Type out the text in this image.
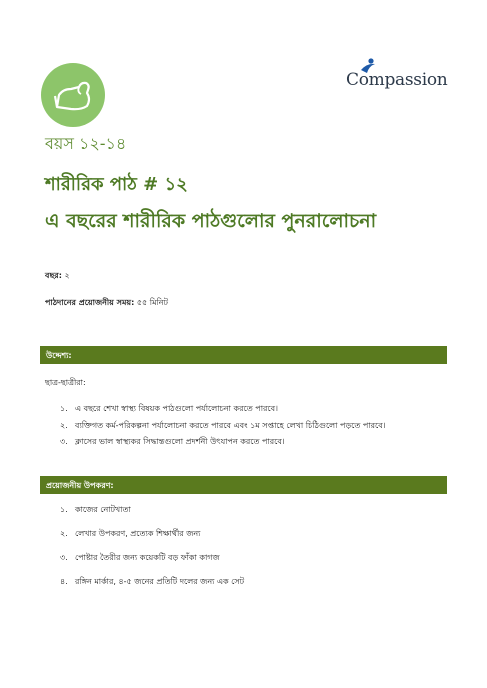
Compassion
বয়স ১২-১৪
শারীরিক পাঠ # ১২
এ বছরের শারীরিক পাঠগুলোর পুনরালোচনা
বছর: ২
পাঠদানের প্রয়োজনীয় সময়: ৫৫ মিনিট
উদ্দেশ্য:
ছাত্র-ছাত্রীরা:
১. এ বছরে শেখা স্বাস্থ্য বিষয়ক পাঠগুলো পর্যালোচনা করতে পারবে।
২. ব্যক্তিগত কর্ম-পরিকল্পনা পর্যালোচনা করতে পারবে এবং ১ম সপ্তাহে লেখা চিঠিগুলো পড়তে পারবে।
৩. ক্লাসের ভাল স্বাস্থ্যকর সিদ্ধান্তগুলো প্রদর্শনী উৎযাপন করতে পারবে।
প্রয়োজনীয় উপকরণ:
১. কাজের নোটখাতা
২. লেখার উপকরণ, প্রত্যেক শিক্ষার্থীর জন্য
৩. পোষ্টার তৈরীর জন্য কয়েকটি বড় ফাঁকা কাগজ
৪. রঙ্গিন মার্কার, ৪-৫ জনের প্রতিটি দলের জন্য এক সেট
